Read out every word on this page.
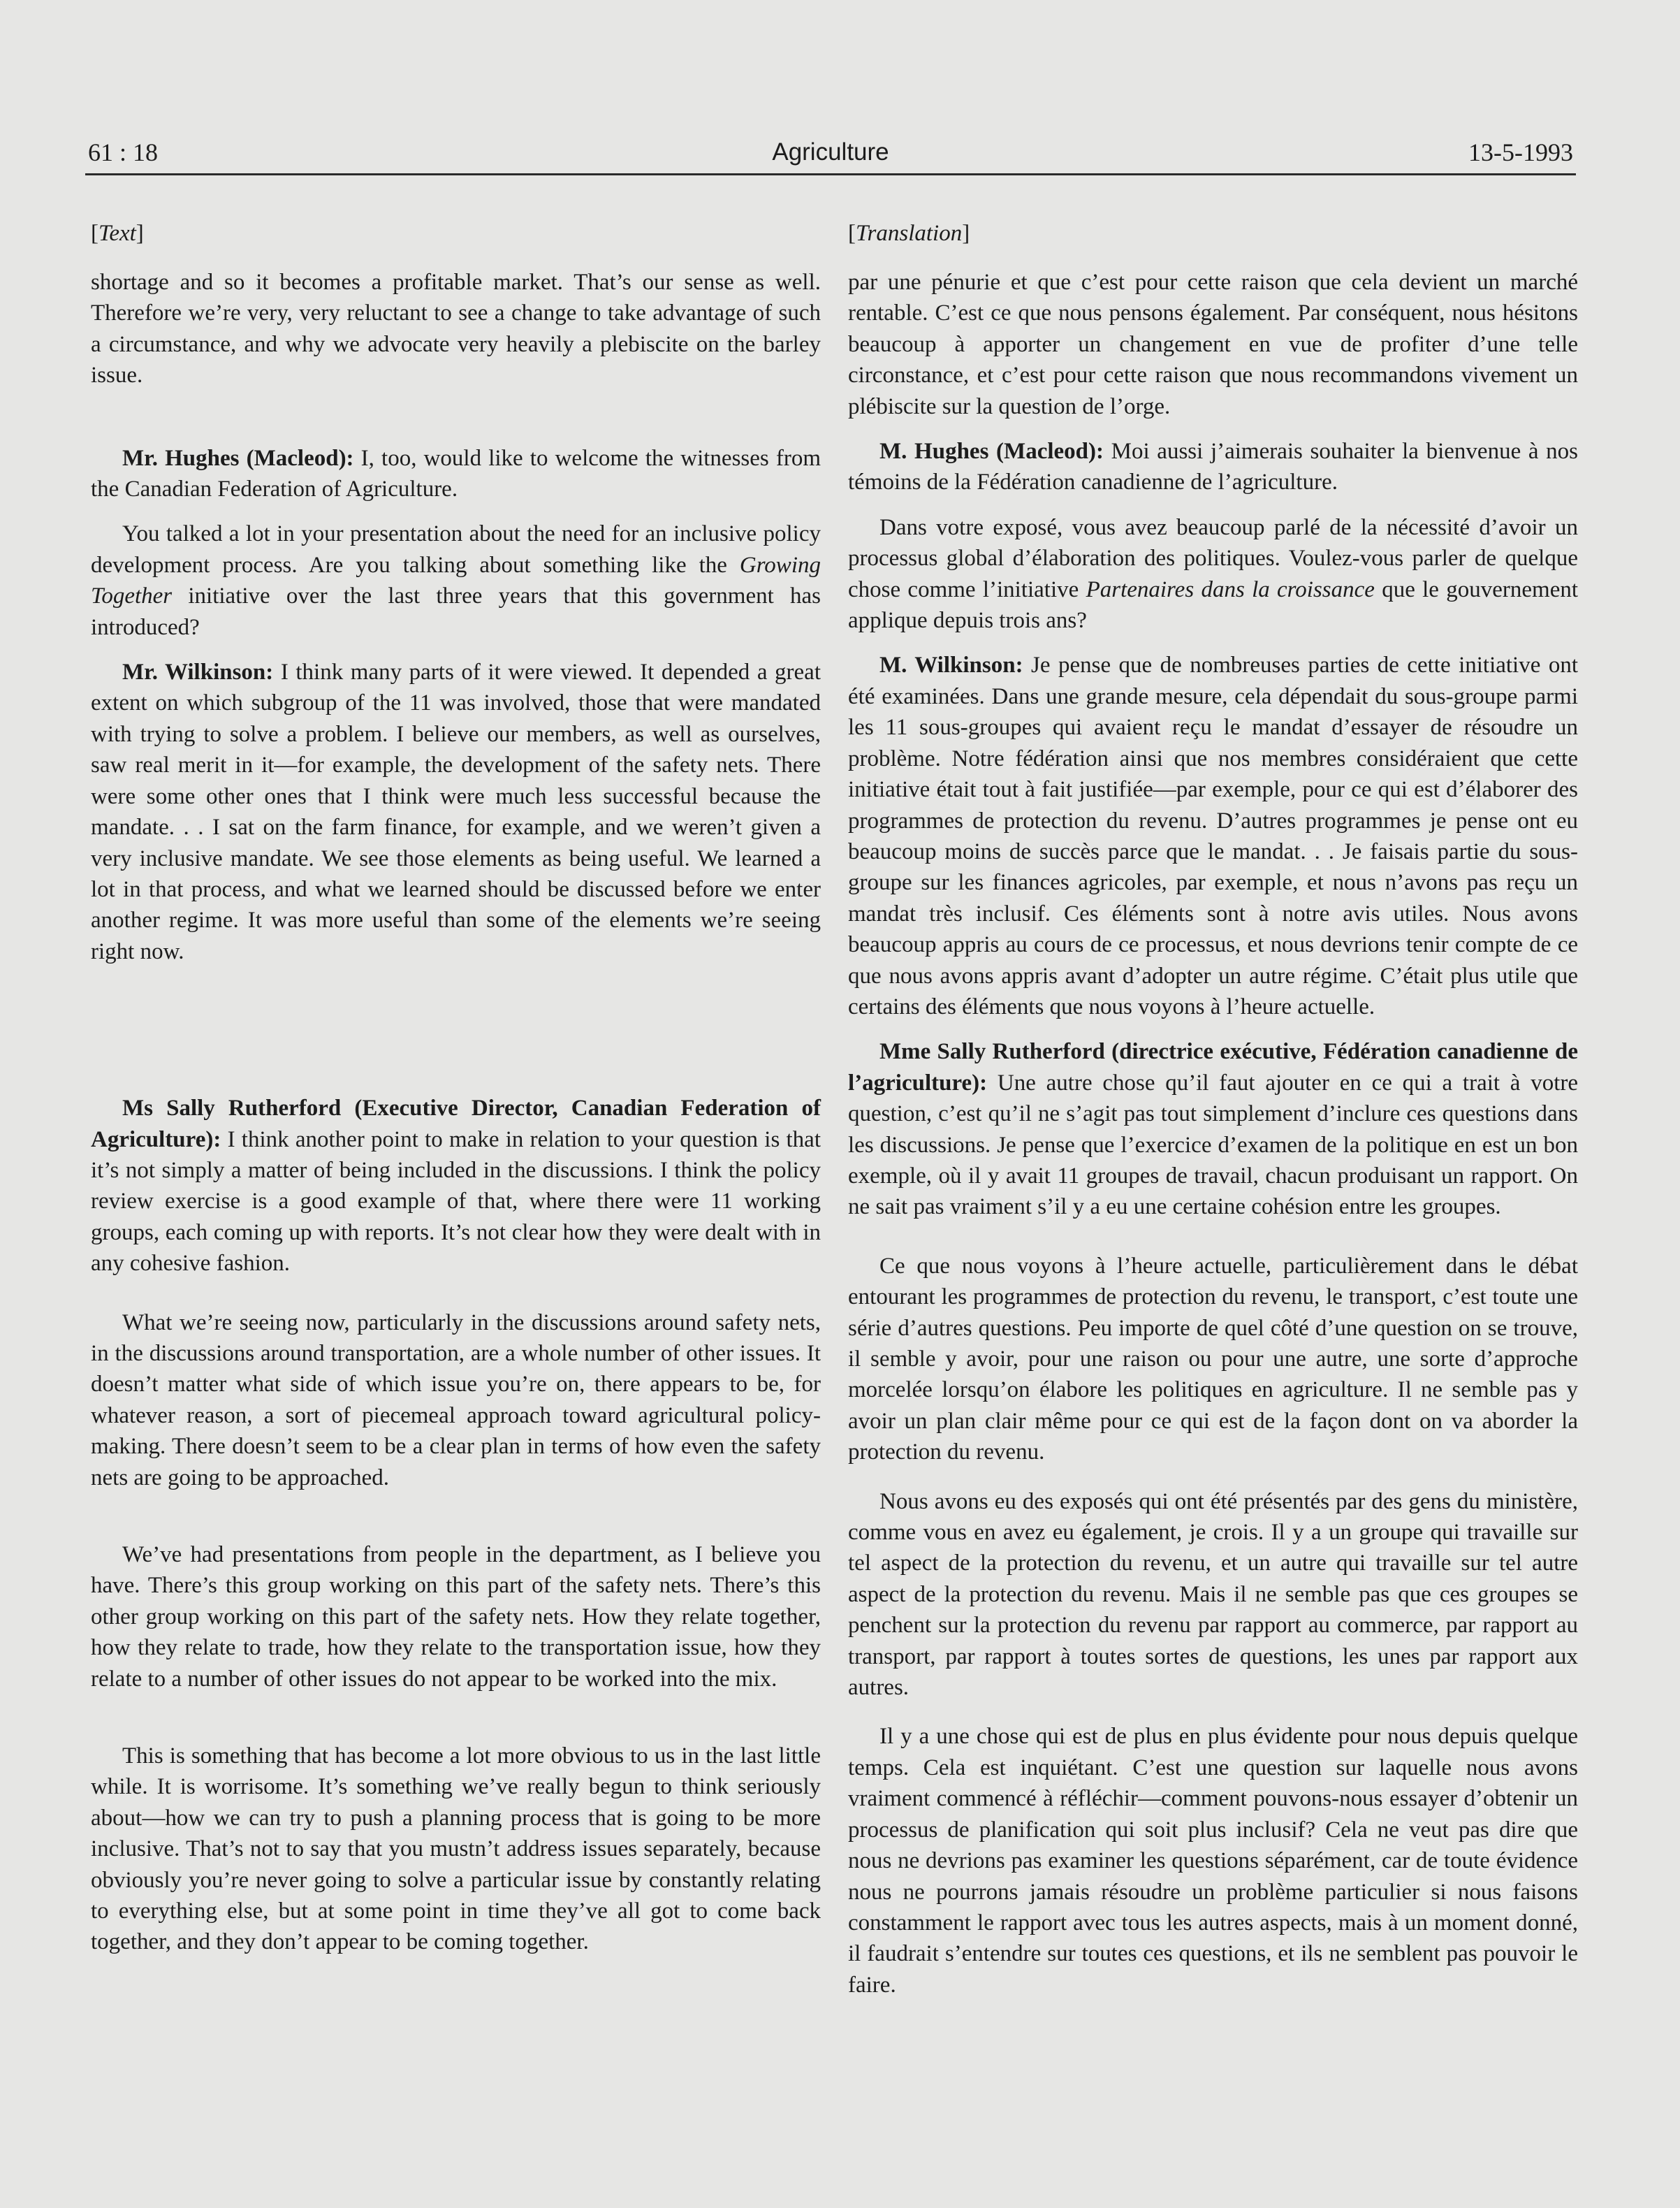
61 : 18	Agriculture	13-5-1993
[Text]

shortage and so it becomes a profitable market. That’s our sense as well. Therefore we’re very, very reluctant to see a change to take advantage of such a circumstance, and why we advocate very heavily a plebiscite on the barley issue.

Mr. Hughes (Macleod): I, too, would like to welcome the witnesses from the Canadian Federation of Agriculture.

You talked a lot in your presentation about the need for an inclusive policy development process. Are you talking about something like the Growing Together initiative over the last three years that this government has introduced?

Mr. Wilkinson: I think many parts of it were viewed. It depended a great extent on which subgroup of the 11 was involved, those that were mandated with trying to solve a problem. I believe our members, as well as ourselves, saw real merit in it—for example, the development of the safety nets. There were some other ones that I think were much less successful because the mandate. . . I sat on the farm finance, for example, and we weren’t given a very inclusive mandate. We see those elements as being useful. We learned a lot in that process, and what we learned should be discussed before we enter another regime. It was more useful than some of the elements we’re seeing right now.

Ms Sally Rutherford (Executive Director, Canadian Federation of Agriculture): I think another point to make in relation to your question is that it’s not simply a matter of being included in the discussions. I think the policy review exercise is a good example of that, where there were 11 working groups, each coming up with reports. It’s not clear how they were dealt with in any cohesive fashion.

What we’re seeing now, particularly in the discussions around safety nets, in the discussions around transportation, are a whole number of other issues. It doesn’t matter what side of which issue you’re on, there appears to be, for whatever reason, a sort of piecemeal approach toward agricultural policy-making. There doesn’t seem to be a clear plan in terms of how even the safety nets are going to be approached.

We’ve had presentations from people in the department, as I believe you have. There’s this group working on this part of the safety nets. There’s this other group working on this part of the safety nets. How they relate together, how they relate to trade, how they relate to the transportation issue, how they relate to a number of other issues do not appear to be worked into the mix.

This is something that has become a lot more obvious to us in the last little while. It is worrisome. It’s something we’ve really begun to think seriously about—how we can try to push a planning process that is going to be more inclusive. That’s not to say that you mustn’t address issues separately, because obviously you’re never going to solve a particular issue by constantly relating to everything else, but at some point in time they’ve all got to come back together, and they don’t appear to be coming together.

[Translation]

par une pénurie et que c’est pour cette raison que cela devient un marché rentable. C’est ce que nous pensons également. Par conséquent, nous hésitons beaucoup à apporter un changement en vue de profiter d’une telle circonstance, et c’est pour cette raison que nous recommandons vivement un plébiscite sur la question de l’orge.

M. Hughes (Macleod): Moi aussi j’aimerais souhaiter la bienvenue à nos témoins de la Fédération canadienne de l’agriculture.

Dans votre exposé, vous avez beaucoup parlé de la nécessité d’avoir un processus global d’élaboration des politiques. Voulez-vous parler de quelque chose comme l’initiative Partenaires dans la croissance que le gouvernement applique depuis trois ans?

M. Wilkinson: Je pense que de nombreuses parties de cette initiative ont été examinées. Dans une grande mesure, cela dépendait du sous-groupe parmi les 11 sous-groupes qui avaient reçu le mandat d’essayer de résoudre un problème. Notre fédération ainsi que nos membres considéraient que cette initiative était tout à fait justifiée—par exemple, pour ce qui est d’élaborer des programmes de protection du revenu. D’autres programmes je pense ont eu beaucoup moins de succès parce que le mandat. . . Je faisais partie du sous-groupe sur les finances agricoles, par exemple, et nous n’avons pas reçu un mandat très inclusif. Ces éléments sont à notre avis utiles. Nous avons beaucoup appris au cours de ce processus, et nous devrions tenir compte de ce que nous avons appris avant d’adopter un autre régime. C’était plus utile que certains des éléments que nous voyons à l’heure actuelle.

Mme Sally Rutherford (directrice exécutive, Fédération canadienne de l’agriculture): Une autre chose qu’il faut ajouter en ce qui a trait à votre question, c’est qu’il ne s’agit pas tout simplement d’inclure ces questions dans les discussions. Je pense que l’exercice d’examen de la politique en est un bon exemple, où il y avait 11 groupes de travail, chacun produisant un rapport. On ne sait pas vraiment s’il y a eu une certaine cohésion entre les groupes.

Ce que nous voyons à l’heure actuelle, particulièrement dans le débat entourant les programmes de protection du revenu, le transport, c’est toute une série d’autres questions. Peu importe de quel côté d’une question on se trouve, il semble y avoir, pour une raison ou pour une autre, une sorte d’approche morcelée lorsqu’on élabore les politiques en agriculture. Il ne semble pas y avoir un plan clair même pour ce qui est de la façon dont on va aborder la protection du revenu.

Nous avons eu des exposés qui ont été présentés par des gens du ministère, comme vous en avez eu également, je crois. Il y a un groupe qui travaille sur tel aspect de la protection du revenu, et un autre qui travaille sur tel autre aspect de la protection du revenu. Mais il ne semble pas que ces groupes se penchent sur la protection du revenu par rapport au commerce, par rapport au transport, par rapport à toutes sortes de questions, les unes par rapport aux autres.

Il y a une chose qui est de plus en plus évidente pour nous depuis quelque temps. Cela est inquiétant. C’est une question sur laquelle nous avons vraiment commencé à réfléchir—comment pouvons-nous essayer d’obtenir un processus de planification qui soit plus inclusif? Cela ne veut pas dire que nous ne devrions pas examiner les questions séparément, car de toute évidence nous ne pourrons jamais résoudre un problème particulier si nous faisons constamment le rapport avec tous les autres aspects, mais à un moment donné, il faudrait s’entendre sur toutes ces questions, et ils ne semblent pas pouvoir le faire.
